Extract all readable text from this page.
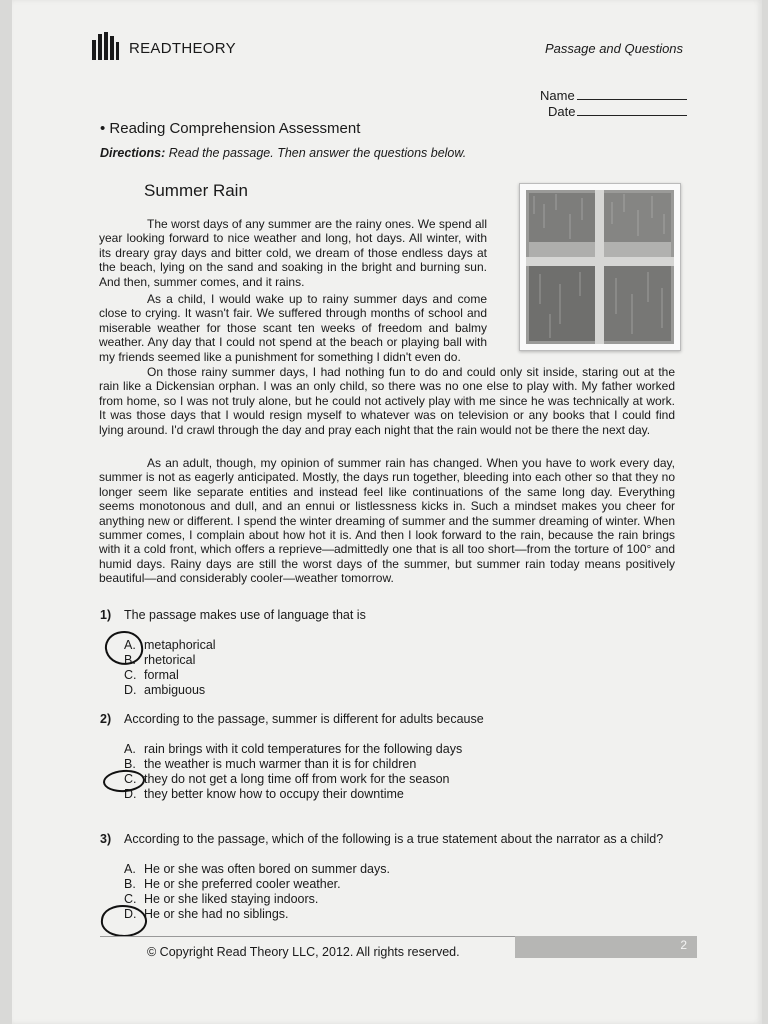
READTHEORY	Passage and Questions
Name
Date
• Reading Comprehension Assessment
Directions: Read the passage. Then answer the questions below.
Summer Rain
The worst days of any summer are the rainy ones. We spend all year looking forward to nice weather and long, hot days. All winter, with its dreary gray days and bitter cold, we dream of those endless days at the beach, lying on the sand and soaking in the bright and burning sun. And then, summer comes, and it rains.
As a child, I would wake up to rainy summer days and come close to crying. It wasn't fair. We suffered through months of school and miserable weather for those scant ten weeks of freedom and balmy weather. Any day that I could not spend at the beach or playing ball with my friends seemed like a punishment for something I didn't even do.
On those rainy summer days, I had nothing fun to do and could only sit inside, staring out at the rain like a Dickensian orphan. I was an only child, so there was no one else to play with. My father worked from home, so I was not truly alone, but he could not actively play with me since he was technically at work. It was those days that I would resign myself to whatever was on television or any books that I could find lying around. I'd crawl through the day and pray each night that the rain would not be there the next day.
As an adult, though, my opinion of summer rain has changed. When you have to work every day, summer is not as eagerly anticipated. Mostly, the days run together, bleeding into each other so that they no longer seem like separate entities and instead feel like continuations of the same long day. Everything seems monotonous and dull, and an ennui or listlessness kicks in. Such a mindset makes you cheer for anything new or different. I spend the winter dreaming of summer and the summer dreaming of winter. When summer comes, I complain about how hot it is. And then I look forward to the rain, because the rain brings with it a cold front, which offers a reprieve—admittedly one that is all too short—from the torture of 100° and humid days. Rainy days are still the worst days of the summer, but summer rain today means positively beautiful—and considerably cooler—weather tomorrow.
1) The passage makes use of language that is
A. metaphorical
B. rhetorical
C. formal
D. ambiguous
2) According to the passage, summer is different for adults because
A. rain brings with it cold temperatures for the following days
B. the weather is much warmer than it is for children
C. they do not get a long time off from work for the season
D. they better know how to occupy their downtime
3) According to the passage, which of the following is a true statement about the narrator as a child?
A. He or she was often bored on summer days.
B. He or she preferred cooler weather.
C. He or she liked staying indoors.
D. He or she had no siblings.
2
© Copyright Read Theory LLC, 2012. All rights reserved.
